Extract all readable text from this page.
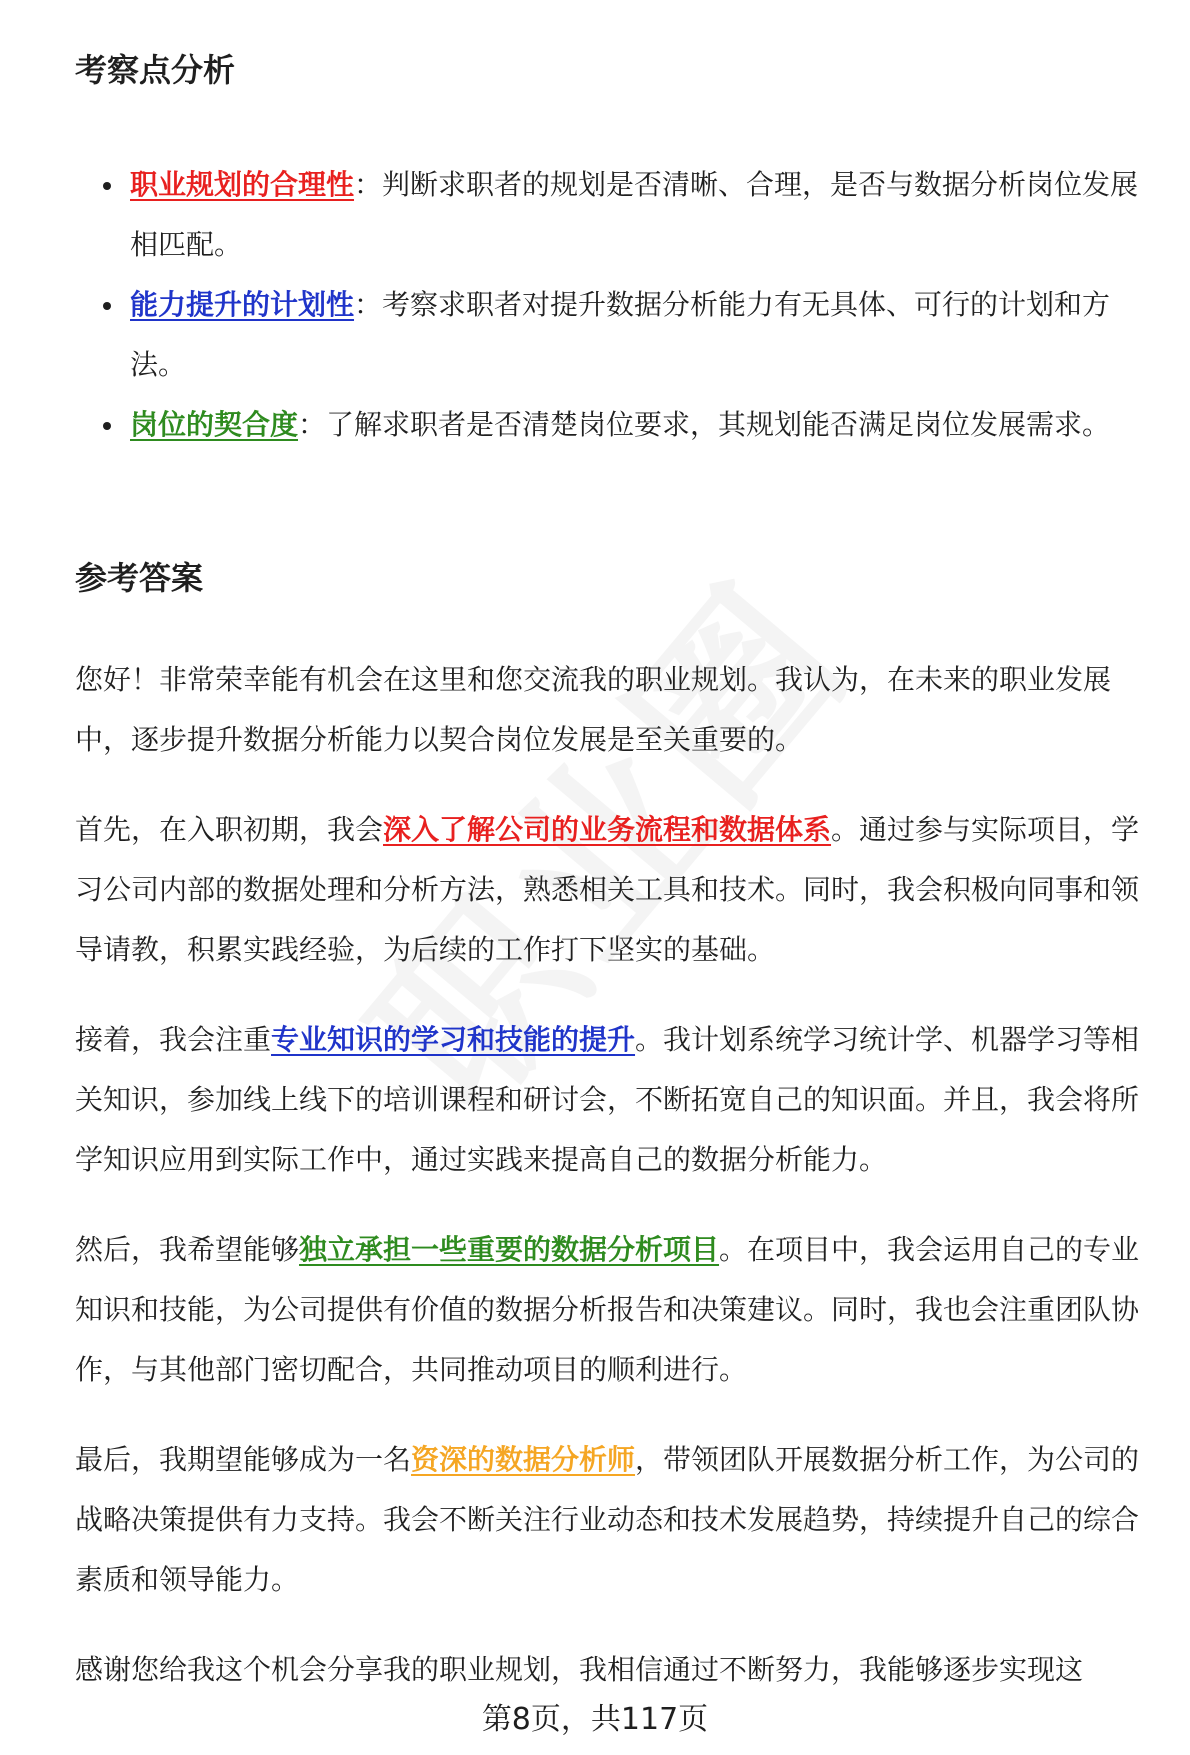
考察点分析
职业规划的合理性：判断求职者的规划是否清晰、合理，是否与数据分析岗位发展相匹配。
能力提升的计划性：考察求职者对提升数据分析能力有无具体、可行的计划和方法。
岗位的契合度：了解求职者是否清楚岗位要求，其规划能否满足岗位发展需求。
参考答案

您好！非常荣幸能有机会在这里和您交流我的职业规划。我认为，在未来的职业发展中，逐步提升数据分析能力以契合岗位发展是至关重要的。

首先，在入职初期，我会深入了解公司的业务流程和数据体系。通过参与实际项目，学习公司内部的数据处理和分析方法，熟悉相关工具和技术。同时，我会积极向同事和领导请教，积累实践经验，为后续的工作打下坚实的基础。

接着，我会注重专业知识的学习和技能的提升。我计划系统学习统计学、机器学习等相关知识，参加线上线下的培训课程和研讨会，不断拓宽自己的知识面。并且，我会将所学知识应用到实际工作中，通过实践来提高自己的数据分析能力。

然后，我希望能够独立承担一些重要的数据分析项目。在项目中，我会运用自己的专业知识和技能，为公司提供有价值的数据分析报告和决策建议。同时，我也会注重团队协作，与其他部门密切配合，共同推动项目的顺利进行。

最后，我期望能够成为一名资深的数据分析师，带领团队开展数据分析工作，为公司的战略决策提供有力支持。我会不断关注行业动态和技术发展趋势，持续提升自己的综合素质和领导能力。

感谢您给我这个机会分享我的职业规划，我相信通过不断努力，我能够逐步实现这

第8页，共117页
